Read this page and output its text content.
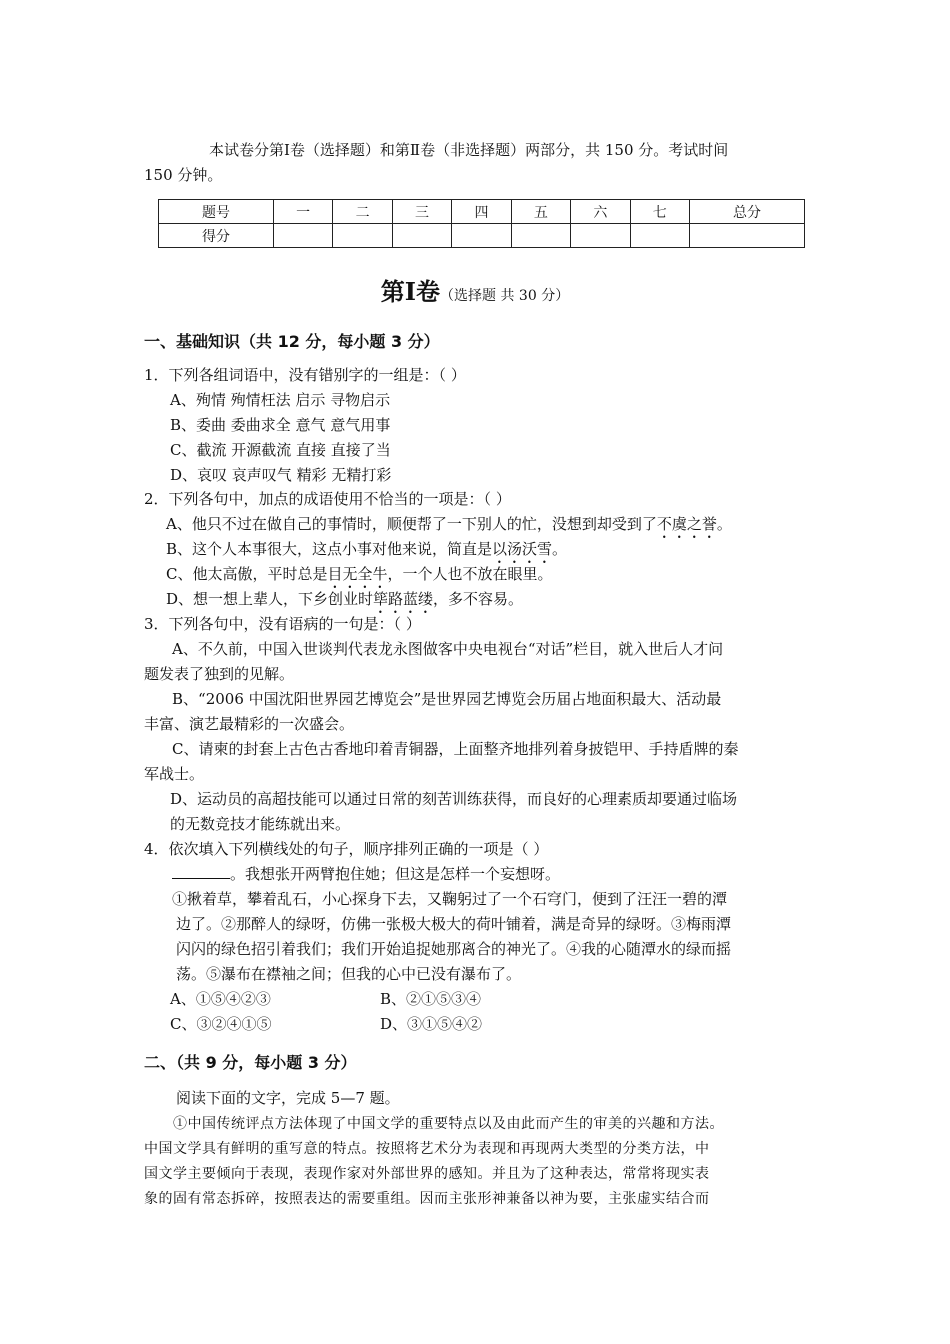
本试卷分第Ⅰ卷（选择题）和第Ⅱ卷（非选择题）两部分，共 150 分。考试时间
150 分钟。
题号	一	二	三	四	五	六	七	总分
得分								
第Ⅰ卷（选择题 共 30 分）
一、基础知识（共 12 分，每小题 3 分）
1．下列各组词语中，没有错别字的一组是：（ ）
A、殉情 殉情枉法 启示 寻物启示
B、委曲 委曲求全 意气 意气用事
C、截流 开源截流 直接 直接了当
D、哀叹 哀声叹气 精彩 无精打彩
2．下列各句中，加点的成语使用不恰当的一项是：（ ）
A、他只不过在做自己的事情时，顺便帮了一下别人的忙，没想到却受到了不虞之誉。
B、这个人本事很大，这点小事对他来说，简直是以汤沃雪。
C、他太高傲，平时总是目无全牛，一个人也不放在眼里。
D、想一想上辈人，下乡创业时筚路蓝缕，多不容易。
3．下列各句中，没有语病的一句是：（ ）
A、不久前，中国入世谈判代表龙永图做客中央电视台“对话”栏目，就入世后人才问
题发表了独到的见解。
B、“2006 中国沈阳世界园艺博览会”是世界园艺博览会历届占地面积最大、活动最
丰富、演艺最精彩的一次盛会。
C、请柬的封套上古色古香地印着青铜器，上面整齐地排列着身披铠甲、手持盾牌的秦
军战士。
D、运动员的高超技能可以通过日常的刻苦训练获得，而良好的心理素质却要通过临场
的无数竞技才能练就出来。
4．依次填入下列横线处的句子，顺序排列正确的一项是（ ）
。我想张开两臂抱住她；但这是怎样一个妄想呀。
①揪着草，攀着乱石，小心探身下去，又鞠躬过了一个石穹门，便到了汪汪一碧的潭
边了。②那醉人的绿呀，仿佛一张极大极大的荷叶铺着，满是奇异的绿呀。③梅雨潭
闪闪的绿色招引着我们；我们开始追捉她那离合的神光了。④我的心随潭水的绿而摇
荡。⑤瀑布在襟袖之间；但我的心中已没有瀑布了。
A、①⑤④②③	B、②①⑤③④
C、③②④①⑤	D、③①⑤④②
二、（共 9 分，每小题 3 分）
阅读下面的文字，完成 5—7 题。
①中国传统评点方法体现了中国文学的重要特点以及由此而产生的审美的兴趣和方法。
中国文学具有鲜明的重写意的特点。按照将艺术分为表现和再现两大类型的分类方法，中
国文学主要倾向于表现，表现作家对外部世界的感知。并且为了这种表达，常常将现实表
象的固有常态拆碎，按照表达的需要重组。因而主张形神兼备以神为要，主张虚实结合而
